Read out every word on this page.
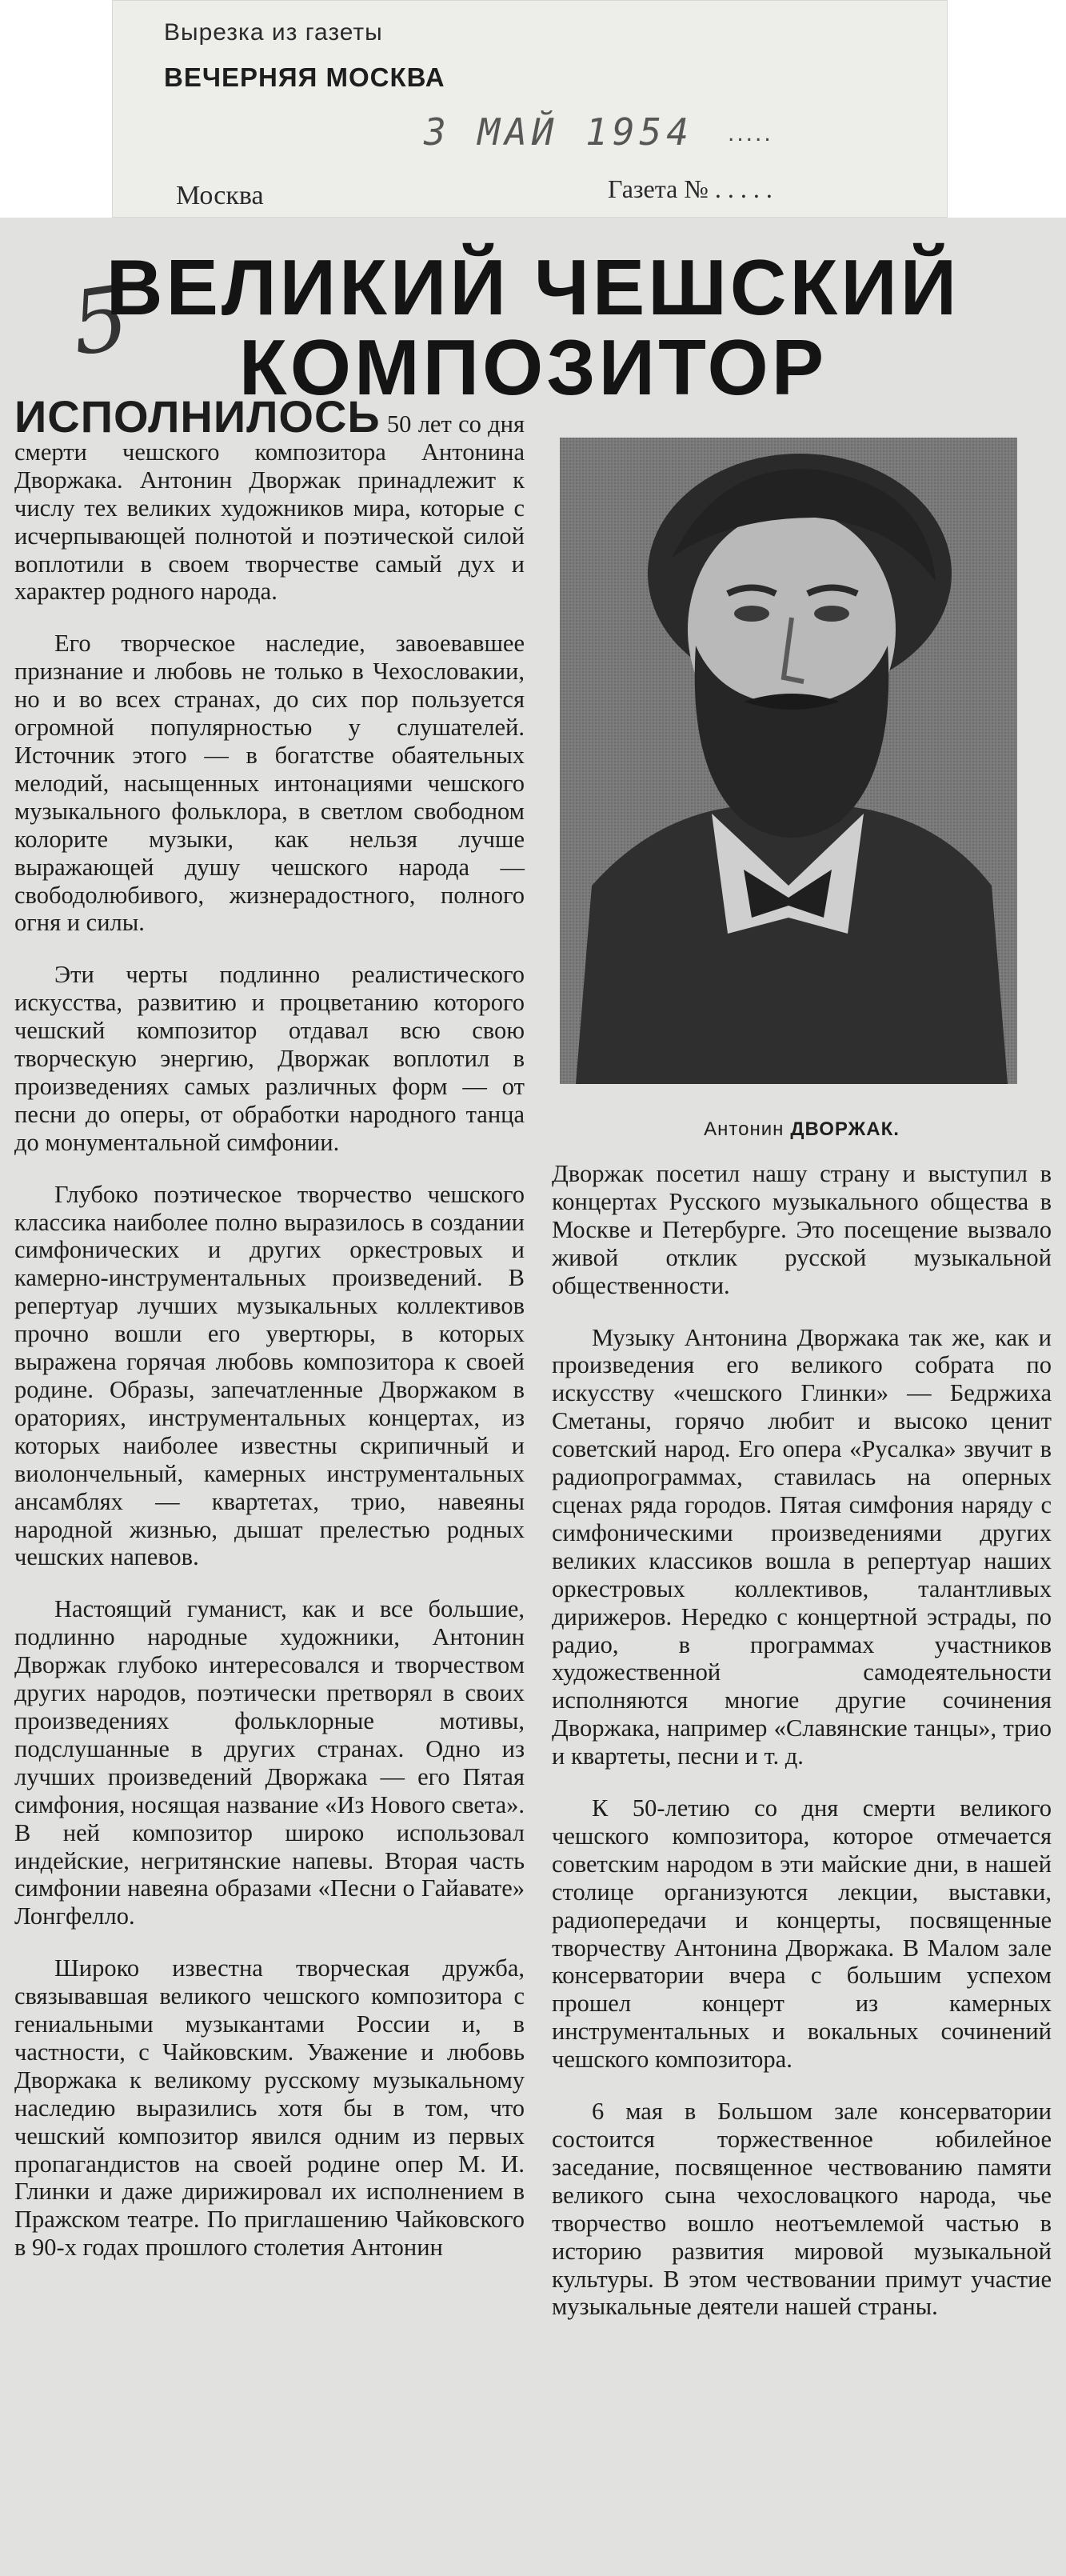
Вырезка из газеты
ВЕЧЕРНЯЯ МОСКВА
3 МАЙ 1954 .....
Москва	Газета № . . . . .
5
ВЕЛИКИЙ ЧЕШСКИЙ
КОМПОЗИТОР

ИСПОЛНИЛОСЬ 50 лет со дня смерти чешского композитора Антонина Дворжака. Антонин Дворжак принадлежит к числу тех великих художников мира, которые с исчерпывающей полнотой и поэтической силой воплотили в своем творчестве самый дух и характер родного народа.

Его творческое наследие, завоевавшее признание и любовь не только в Чехословакии, но и во всех странах, до сих пор пользуется огромной популярностью у слушателей. Источник этого — в богатстве обаятельных мелодий, насыщенных интонациями чешского музыкального фольклора, в светлом свободном колорите музыки, как нельзя лучше выражающей душу чешского народа — свободолюбивого, жизнерадостного, полного огня и силы.

Эти черты подлинно реалистического искусства, развитию и процветанию которого чешский композитор отдавал всю свою творческую энергию, Дворжак воплотил в произведениях самых различных форм — от песни до оперы, от обработки народного танца до монументальной симфонии.

Глубоко поэтическое творчество чешского классика наиболее полно выразилось в создании симфонических и других оркестровых и камерно-инструментальных произведений. В репертуар лучших музыкальных коллективов прочно вошли его увертюры, в которых выражена горячая любовь композитора к своей родине. Образы, запечатленные Дворжаком в ораториях, инструментальных концертах, из которых наиболее известны скрипичный и виолончельный, камерных инструментальных ансамблях — квартетах, трио, навеяны народной жизнью, дышат прелестью родных чешских напевов.

Настоящий гуманист, как и все большие, подлинно народные художники, Антонин Дворжак глубоко интересовался и творчеством других народов, поэтически претворял в своих произведениях фольклорные мотивы, подслушанные в других странах. Одно из лучших произведений Дворжака — его Пятая симфония, носящая название «Из Нового света». В ней композитор широко использовал индейские, негритянские напевы. Вторая часть симфонии навеяна образами «Песни о Гайавате» Лонгфелло.

Широко известна творческая дружба, связывавшая великого чешского композитора с гениальными музыкантами России и, в частности, с Чайковским. Уважение и любовь Дворжака к великому русскому музыкальному наследию выразились хотя бы в том, что чешский композитор явился одним из первых пропагандистов на своей родине опер М. И. Глинки и даже дирижировал их исполнением в Пражском театре. По приглашению Чайковского в 90-х годах прошлого столетия Антонин

Антонин ДВОРЖАК.

Дворжак посетил нашу страну и выступил в концертах Русского музыкального общества в Москве и Петербурге. Это посещение вызвало живой отклик русской музыкальной общественности.

Музыку Антонина Дворжака так же, как и произведения его великого собрата по искусству «чешского Глинки» — Бедржиха Сметаны, горячо любит и высоко ценит советский народ. Его опера «Русалка» звучит в радиопрограммах, ставилась на оперных сценах ряда городов. Пятая симфония наряду с симфоническими произведениями других великих классиков вошла в репертуар наших оркестровых коллективов, талантливых дирижеров. Нередко с концертной эстрады, по радио, в программах участников художественной самодеятельности исполняются многие другие сочинения Дворжака, например «Славянские танцы», трио и квартеты, песни и т. д.

К 50-летию со дня смерти великого чешского композитора, которое отмечается советским народом в эти майские дни, в нашей столице организуются лекции, выставки, радиопередачи и концерты, посвященные творчеству Антонина Дворжака. В Малом зале консерватории вчера с большим успехом прошел концерт из камерных инструментальных и вокальных сочинений чешского композитора.

6 мая в Большом зале консерватории состоится торжественное юбилейное заседание, посвященное чествованию памяти великого сына чехословацкого народа, чье творчество вошло неотъемлемой частью в историю развития мировой музыкальной культуры. В этом чествовании примут участие музыкальные деятели нашей страны.
